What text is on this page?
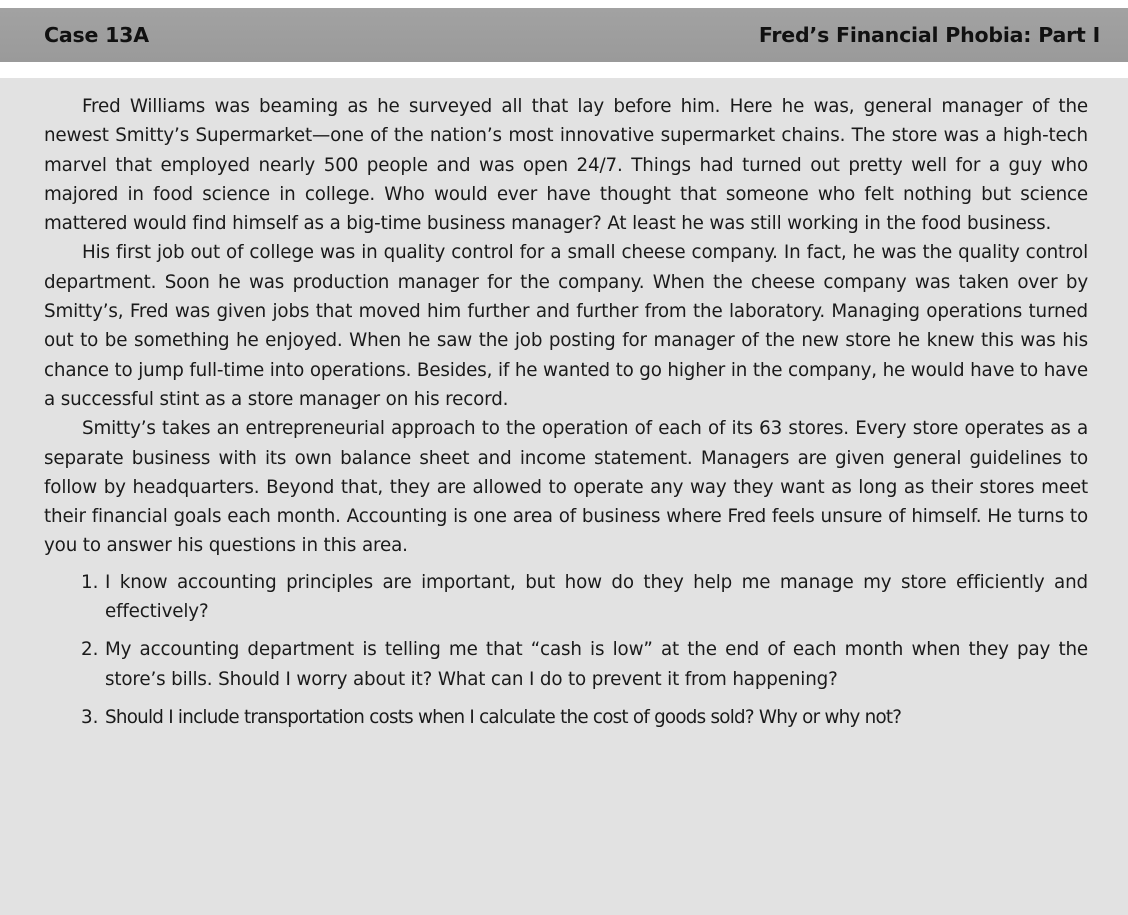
Case 13A	Fred’s Financial Phobia: Part I

Fred Williams was beaming as he surveyed all that lay before him. Here he was, general manager of the newest Smitty’s Supermarket—one of the nation’s most innovative supermarket chains. The store was a high-tech marvel that employed nearly 500 people and was open 24/7. Things had turned out pretty well for a guy who majored in food science in college. Who would ever have thought that someone who felt nothing but science mattered would find himself as a big-time business manager? At least he was still working in the food business.

His first job out of college was in quality control for a small cheese company. In fact, he was the quality control department. Soon he was production manager for the company. When the cheese company was taken over by Smitty’s, Fred was given jobs that moved him further and further from the laboratory. Managing operations turned out to be something he enjoyed. When he saw the job posting for manager of the new store he knew this was his chance to jump full-time into operations. Besides, if he wanted to go higher in the company, he would have to have a successful stint as a store manager on his record.

Smitty’s takes an entrepreneurial approach to the operation of each of its 63 stores. Every store operates as a separate business with its own balance sheet and income statement. Managers are given general guidelines to follow by headquarters. Beyond that, they are allowed to operate any way they want as long as their stores meet their financial goals each month. Accounting is one area of business where Fred feels unsure of himself. He turns to you to answer his questions in this area.

1. I know accounting principles are important, but how do they help me manage my store efficiently and effectively?
2. My accounting department is telling me that “cash is low” at the end of each month when they pay the store’s bills. Should I worry about it? What can I do to prevent it from happening?
3. Should I include transportation costs when I calculate the cost of goods sold? Why or why not?
